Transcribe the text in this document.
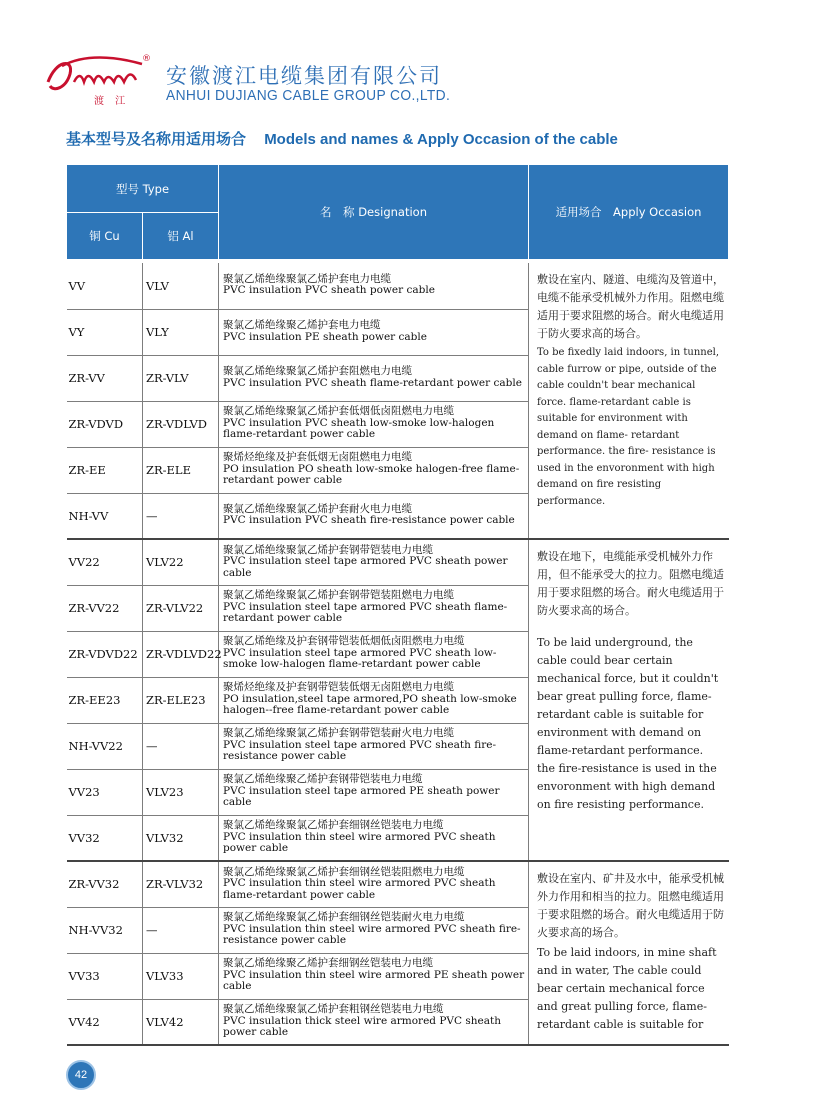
渡 江
®
安徽渡江电缆集团有限公司
ANHUI DUJIANG CABLE GROUP CO.,LTD.
基本型号及名称用适用场合 Models and names & Apply Occasion of the cable
型号 Type		名　称 Designation	适用场合　Apply Occasion
铜 Cu	铝 Al		

VV	VLV	聚氯乙烯绝缘聚氯乙烯护套电力电缆
PVC insulation PVC sheath power cable	敷设在室内、隧道、电缆沟及管道中，电缆不能承受机械外力作用。阻燃电缆适用于要求阻燃的场合。耐火电缆适用于防火要求高的场合。
To be fixedly laid indoors, in tunnel, cable furrow or pipe, outside of the cable couldn't bear mechanical force. flame-retardant cable is suitable for environment with demand on flame- retardant performance. the fire- resistance is used in the envoronment with high demand on fire resisting performance.

VY	VLY	聚氯乙烯绝缘聚乙烯护套电力电缆
PVC insulation PE sheath power cable	

ZR-VV	ZR-VLV	聚氯乙烯绝缘聚氯乙烯护套阻燃电力电缆
PVC insulation PVC sheath flame-retardant power cable	

ZR-VDVD	ZR-VDLVD	聚氯乙烯绝缘聚氯乙烯护套低烟低卤阻燃电力电缆
PVC insulation PVC sheath low-smoke low-halogen flame-retardant power cable	

ZR-EE	ZR-ELE	聚烯烃绝缘及护套低烟无卤阻燃电力电缆
PO insulation PO sheath low-smoke halogen-free flame-retardant power cable	

NH-VV	—	聚氯乙烯绝缘聚氯乙烯护套耐火电力电缆
PVC insulation PVC sheath fire-resistance power cable	

VV22	VLV22	聚氯乙烯绝缘聚氯乙烯护套钢带铠装电力电缆
PVC insulation steel tape armored PVC sheath power cable	敷设在地下，电缆能承受机械外力作用，但不能承受大的拉力。阻燃电缆适用于要求阻燃的场合。耐火电缆适用于防火要求高的场合。
To be laid underground, the cable could bear certain mechanical force, but it couldn't bear great pulling force, flame-retardant cable is suitable for environment with demand on flame-retardant performance. the fire-resistance is used in the envoronment with high demand on fire resisting performance.

ZR-VV22	ZR-VLV22	聚氯乙烯绝缘聚氯乙烯护套钢带铠装阻燃电力电缆
PVC insulation steel tape armored PVC sheath flame-retardant power cable	

ZR-VDVD22	ZR-VDLVD22	聚氯乙烯绝缘及护套钢带铠装低烟低卤阻燃电力电缆
PVC insulation steel tape armored PVC sheath low-smoke low-halogen flame-retardant power cable	

ZR-EE23	ZR-ELE23	聚烯烃绝缘及护套钢带铠装低烟无卤阻燃电力电缆
PO insulation,steel tape armored,PO sheath low-smoke halogen--free flame-retardant power cable	

NH-VV22	—	聚氯乙烯绝缘聚氯乙烯护套钢带铠装耐火电力电缆
PVC insulation steel tape armored PVC sheath fire-resistance power cable	

VV23	VLV23	聚氯乙烯绝缘聚乙烯护套钢带铠装电力电缆
PVC insulation steel tape armored PE sheath power cable	

VV32	VLV32	聚氯乙烯绝缘聚氯乙烯护套细钢丝铠装电力电缆
PVC insulation thin steel wire armored PVC sheath power cable	

ZR-VV32	ZR-VLV32	聚氯乙烯绝缘聚氯乙烯护套细钢丝铠装阻燃电力电缆
PVC insulation thin steel wire armored PVC sheath flame-retardant power cable	敷设在室内、矿井及水中，能承受机械外力作用和相当的拉力。阻燃电缆适用于要求阻燃的场合。耐火电缆适用于防火要求高的场合。
To be laid indoors, in mine shaft and in water, The cable could bear certain mechanical force and great pulling force, flame-retardant cable is suitable for

NH-VV32	—	聚氯乙烯绝缘聚氯乙烯护套细钢丝铠装耐火电力电缆
PVC insulation thin steel wire armored PVC sheath fire-resistance power cable	

VV33	VLV33	聚氯乙烯绝缘聚乙烯护套细钢丝铠装电力电缆
PVC insulation thin steel wire armored PE sheath power cable	

VV42	VLV42	聚氯乙烯绝缘聚氯乙烯护套粗钢丝铠装电力电缆
PVC insulation thick steel wire armored PVC sheath power cable	
42
